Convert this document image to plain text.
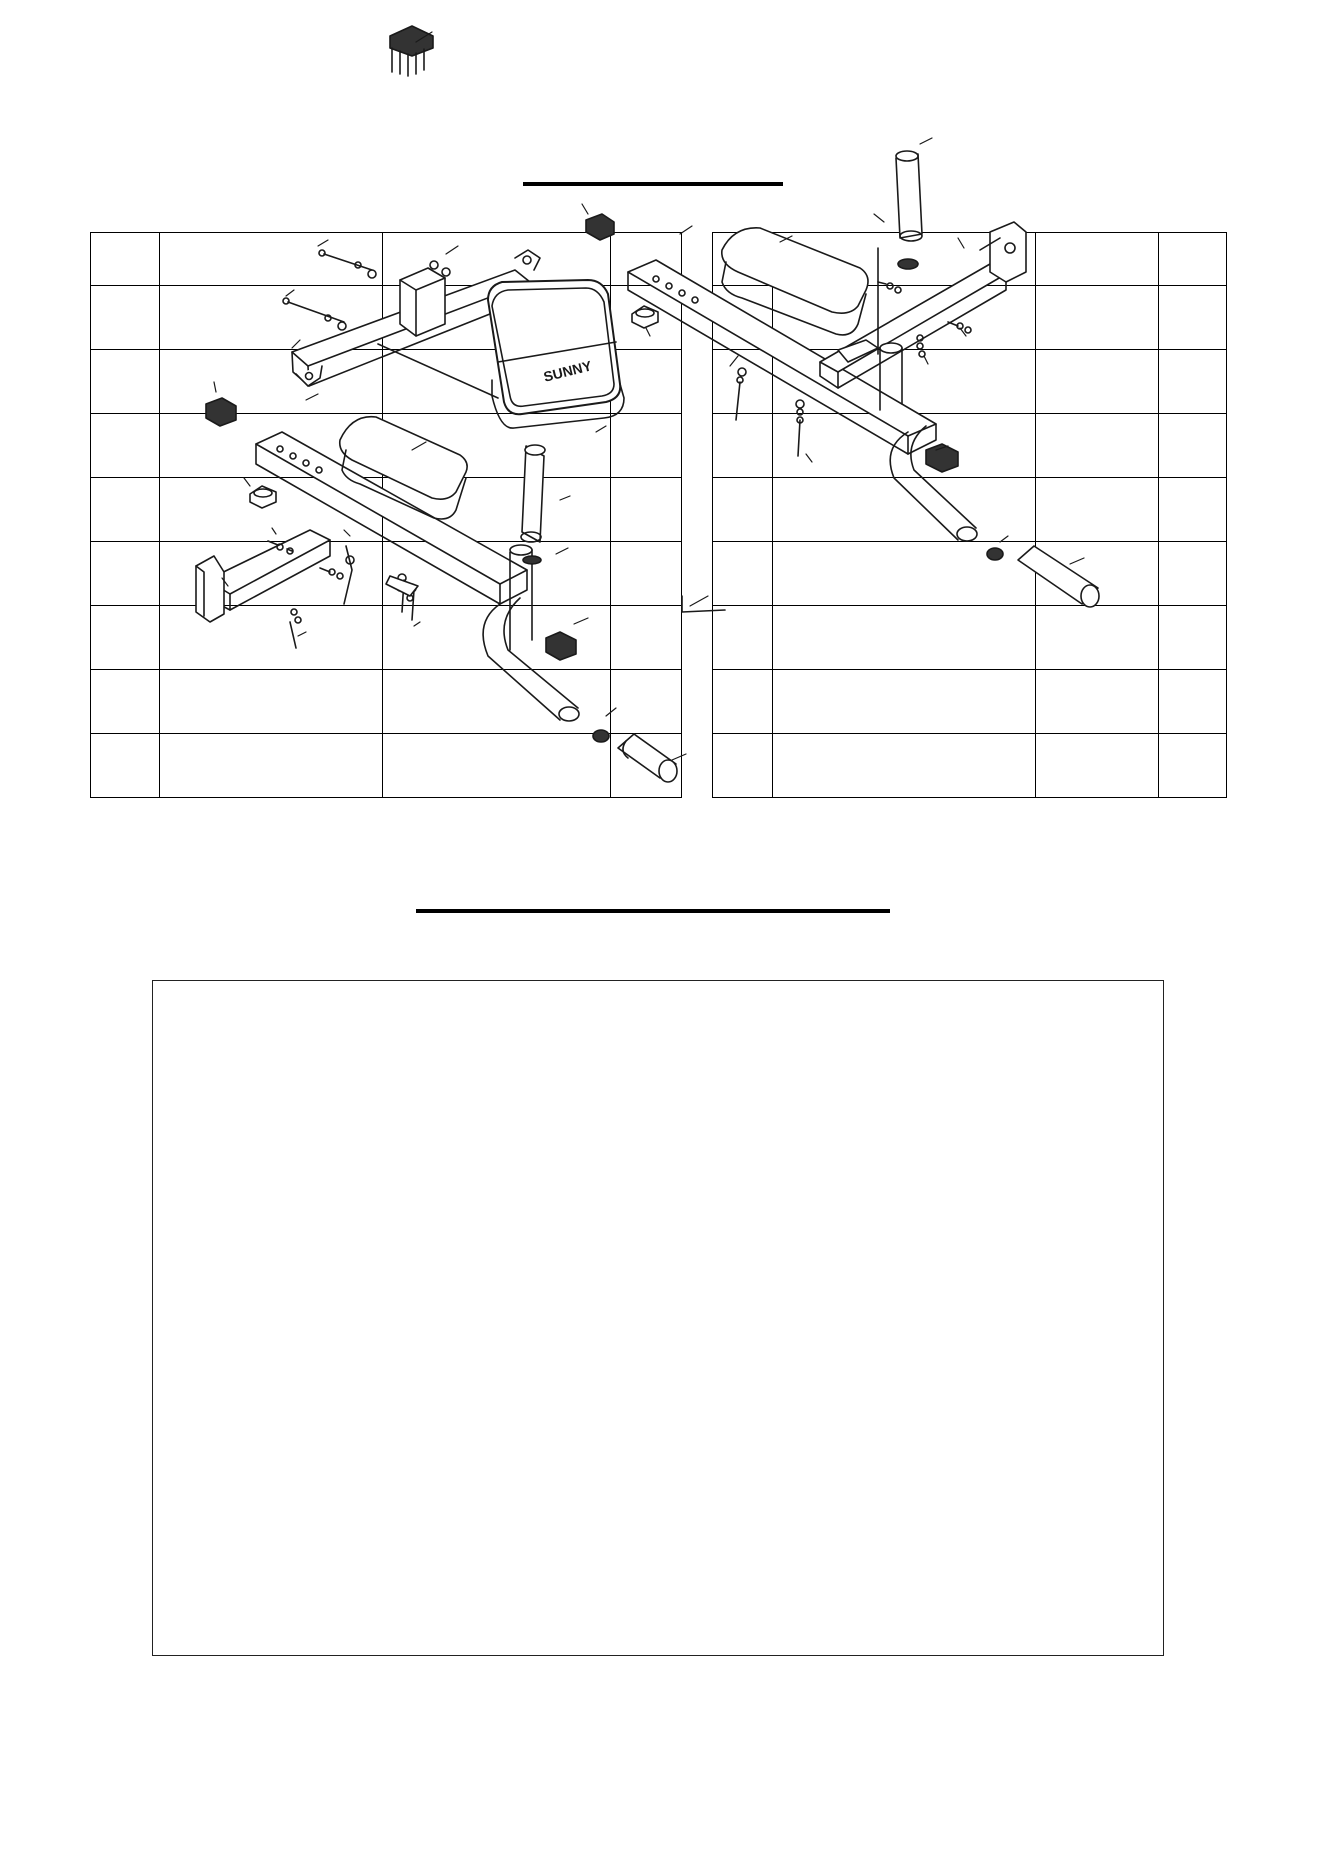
SUNNY
